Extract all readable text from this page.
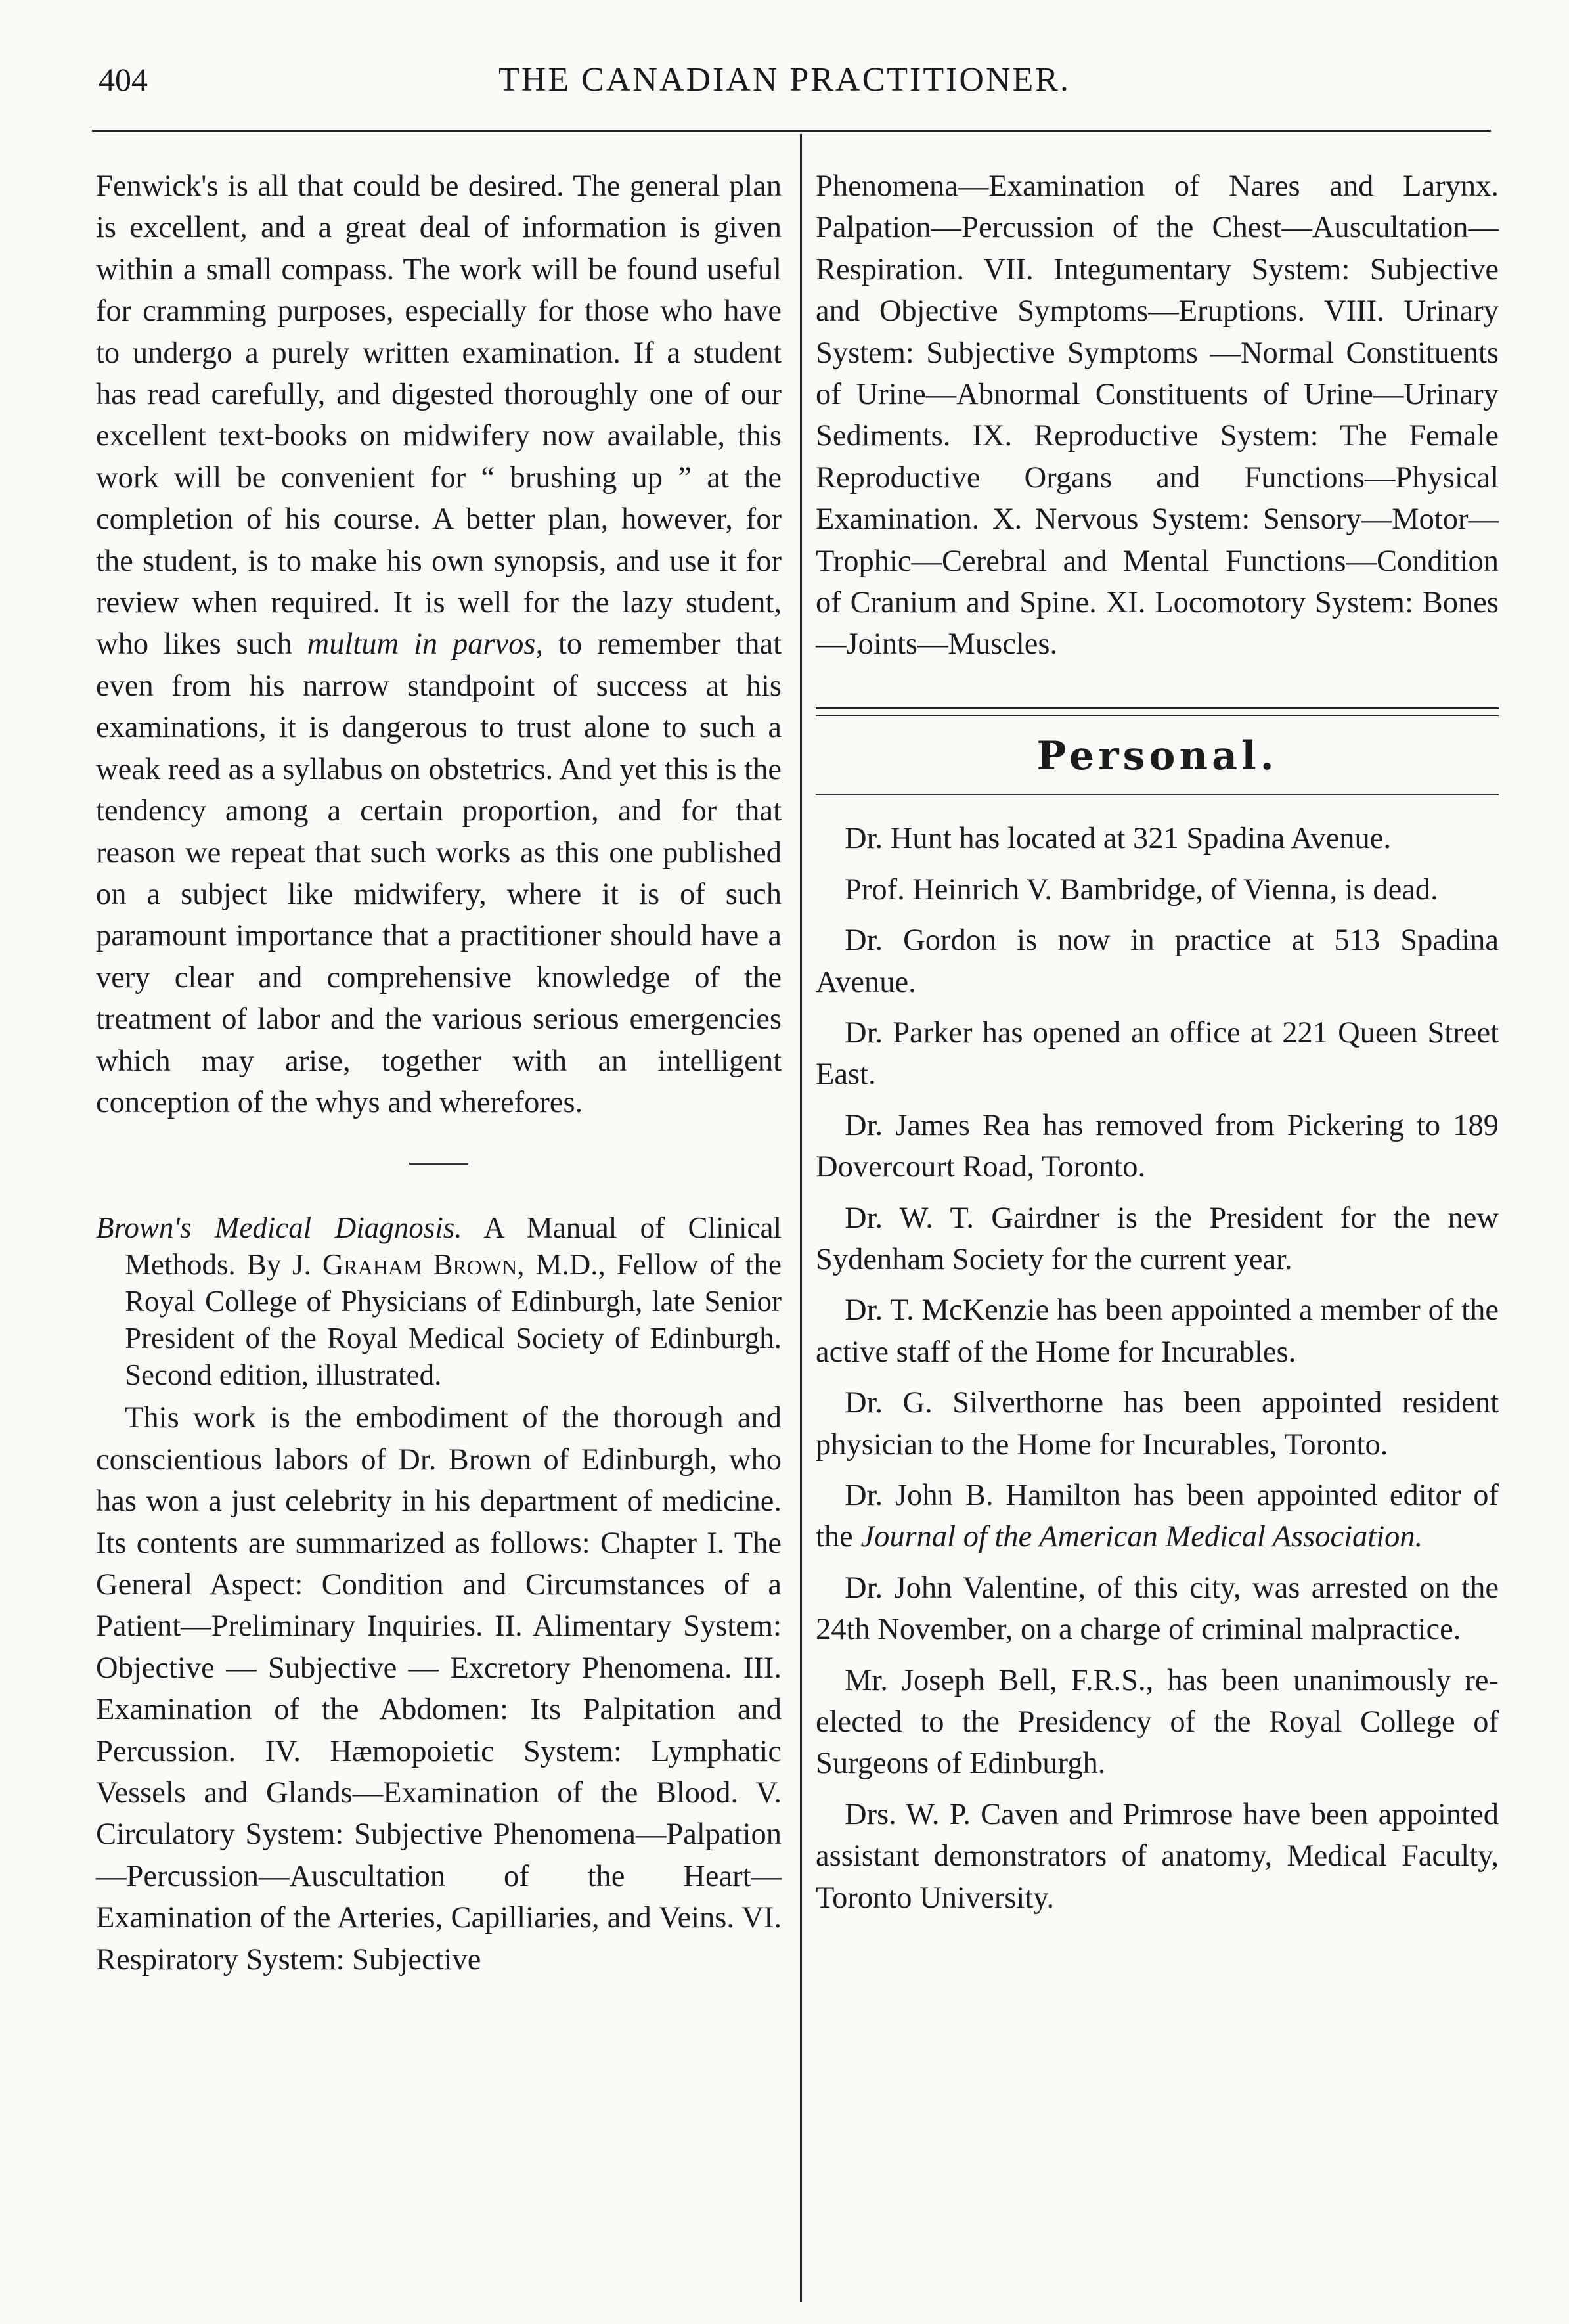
404	THE CANADIAN PRACTITIONER.

Fenwick's is all that could be desired. The general plan is excellent, and a great deal of information is given within a small compass. The work will be found useful for cramming purposes, especially for those who have to undergo a purely written examination. If a student has read carefully, and digested thoroughly one of our excellent text-books on midwifery now available, this work will be convenient for “ brushing up ” at the completion of his course. A better plan, however, for the student, is to make his own synopsis, and use it for review when required. It is well for the lazy student, who likes such multum in parvos, to remember that even from his narrow standpoint of success at his examinations, it is dangerous to trust alone to such a weak reed as a syllabus on obstetrics. And yet this is the tendency among a certain proportion, and for that reason we repeat that such works as this one published on a subject like midwifery, where it is of such paramount importance that a practitioner should have a very clear and comprehensive knowledge of the treatment of labor and the various serious emergencies which may arise, together with an intelligent conception of the whys and wherefores.

Brown's Medical Diagnosis. A Manual of Clinical Methods. By J. Graham Brown, M.D., Fellow of the Royal College of Physicians of Edinburgh, late Senior President of the Royal Medical Society of Edinburgh. Second edition, illustrated.

This work is the embodiment of the thorough and conscientious labors of Dr. Brown of Edinburgh, who has won a just celebrity in his department of medicine. Its contents are summarized as follows: Chapter I. The General Aspect: Condition and Circumstances of a Patient—Preliminary Inquiries. II. Alimentary System: Objective — Subjective — Excretory Phenomena. III. Examination of the Abdomen: Its Palpitation and Percussion. IV. Hæmopoietic System: Lymphatic Vessels and Glands—Examination of the Blood. V. Circulatory System: Subjective Phenomena—Palpation—Percussion—Auscultation of the Heart—Examination of the Arteries, Capilliaries, and Veins. VI. Respiratory System: Subjective

Phenomena—Examination of Nares and Larynx. Palpation—Percussion of the Chest—Auscultation—Respiration. VII. Integumentary System: Subjective and Objective Symptoms—Eruptions. VIII. Urinary System: Subjective Symptoms —Normal Constituents of Urine—Abnormal Constituents of Urine—Urinary Sediments. IX. Reproductive System: The Female Reproductive Organs and Functions—Physical Examination. X. Nervous System: Sensory—Motor—Trophic—Cerebral and Mental Functions—Condition of Cranium and Spine. XI. Locomotory System: Bones—Joints—Muscles.

Personal.

Dr. Hunt has located at 321 Spadina Avenue.

Prof. Heinrich V. Bambridge, of Vienna, is dead.

Dr. Gordon is now in practice at 513 Spadina Avenue.

Dr. Parker has opened an office at 221 Queen Street East.

Dr. James Rea has removed from Pickering to 189 Dovercourt Road, Toronto.

Dr. W. T. Gairdner is the President for the new Sydenham Society for the current year.

Dr. T. McKenzie has been appointed a member of the active staff of the Home for Incurables.

Dr. G. Silverthorne has been appointed resident physician to the Home for Incurables, Toronto.

Dr. John B. Hamilton has been appointed editor of the Journal of the American Medical Association.

Dr. John Valentine, of this city, was arrested on the 24th November, on a charge of criminal malpractice.

Mr. Joseph Bell, F.R.S., has been unanimously re-elected to the Presidency of the Royal College of Surgeons of Edinburgh.

Drs. W. P. Caven and Primrose have been appointed assistant demonstrators of anatomy, Medical Faculty, Toronto University.
